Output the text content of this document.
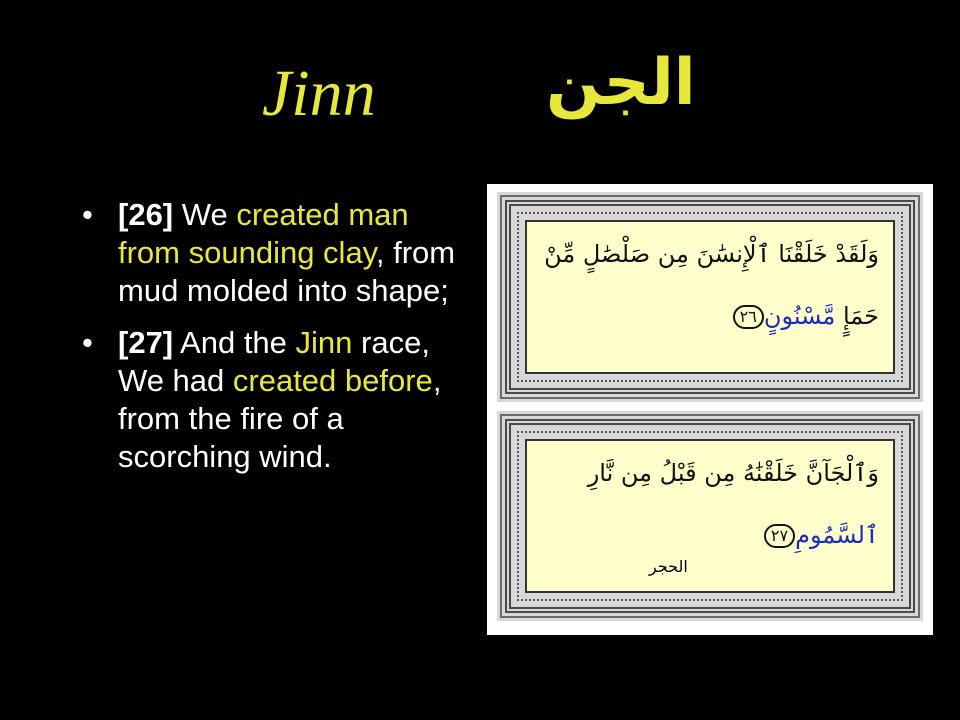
Jinn	الجن
• [26] We created man from sounding clay, from mud molded into shape;
• [27] And the Jinn race, We had created before, from the fire of a scorching wind.
وَلَقَدْ خَلَقْنَا ٱلْإِنسَٰنَ مِن صَلْصَٰلٍ مِّنْ
حَمَإٍ مَّسْنُونٍ٢٦
وَٱلْجَآنَّ خَلَقْنَٰهُ مِن قَبْلُ مِن نَّارِ
ٱلسَّمُومِ٢٧
الحجر
